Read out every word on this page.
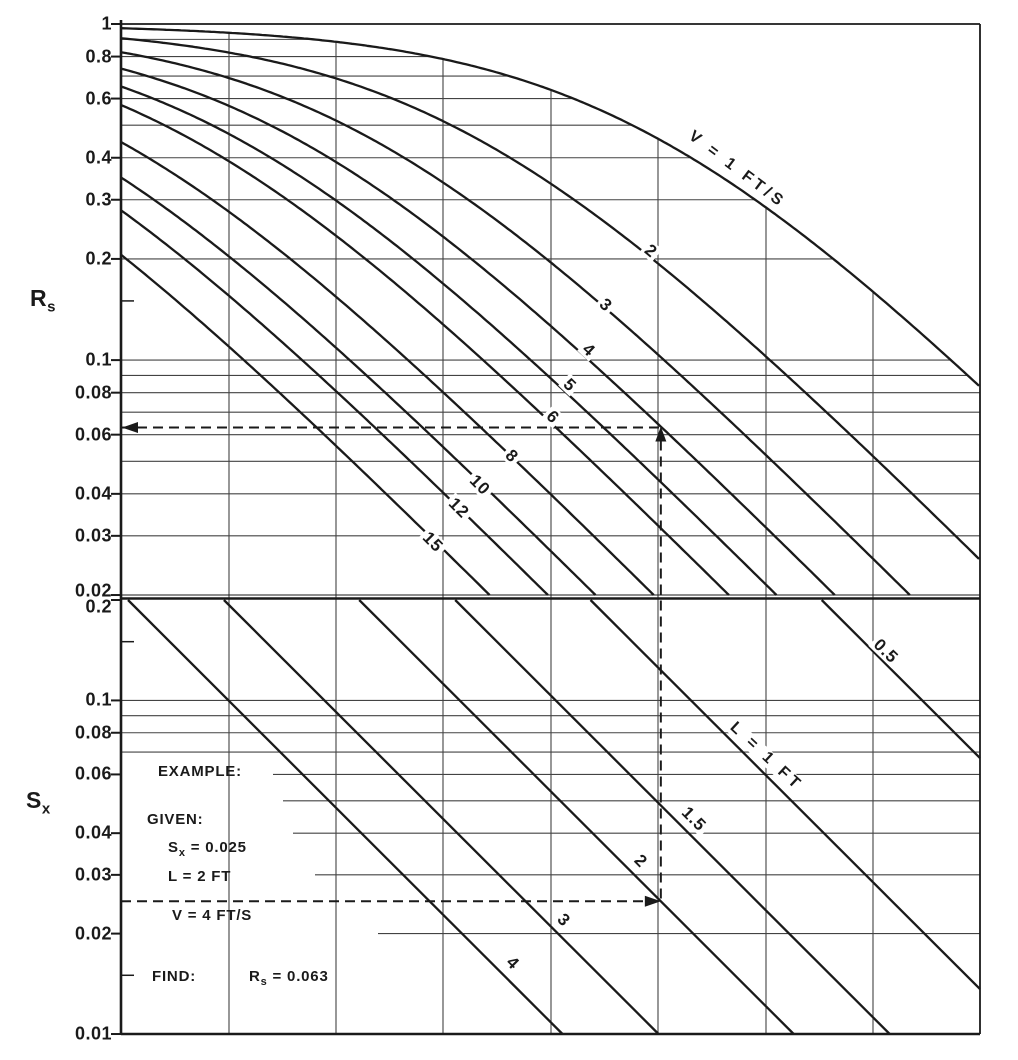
$R_s$
$S_x$
EXAMPLE:
GIVEN:
$S_x = 0.025$
L = 2 FT
V = 4 FT/S
FIND:	$R_s = 0.063$
1
0.8
0.6
0.4
0.3
0.2
0.1
0.08
0.06
0.04
0.03
0.02
0.2
0.1
0.08
0.06
0.04
0.03
0.02
0.01
V = 1 FT/S
2
3
4
5
6
8
10
12
15
0.5
L = 1 FT
1.5
2
3
4
